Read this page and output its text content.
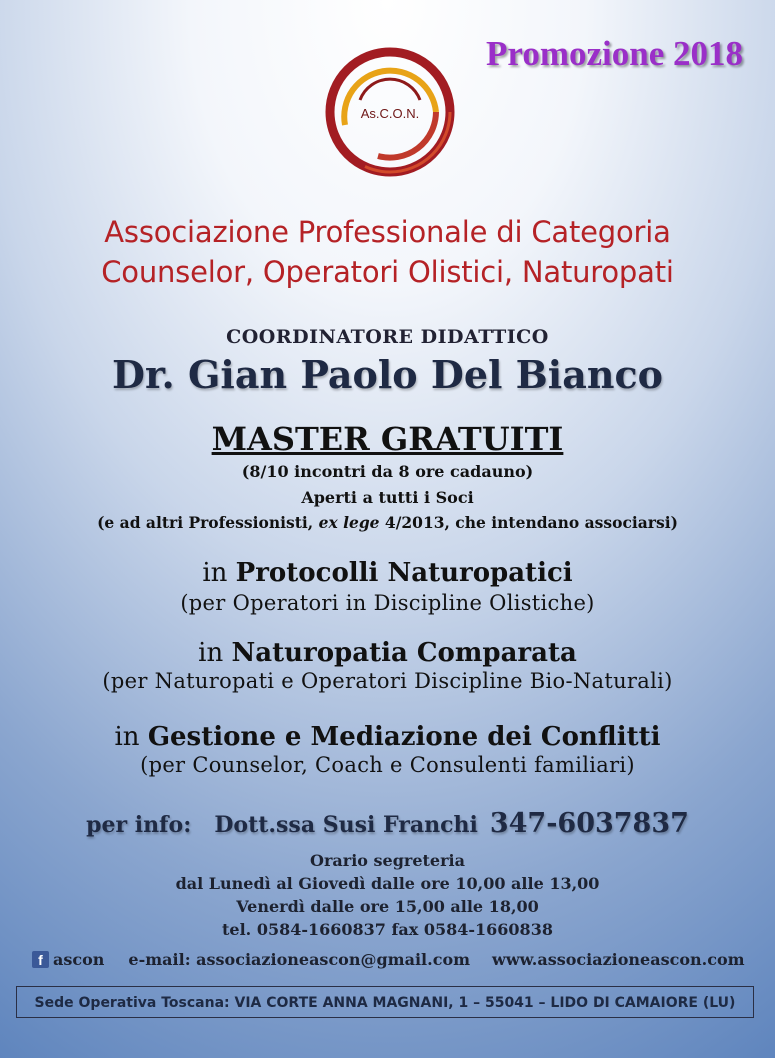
Promozione 2018
As.C.O.N.
Associazione Professionale di Categoria
Counselor, Operatori Olistici, Naturopati
COORDINATORE DIDATTICO
Dr. Gian Paolo Del Bianco
MASTER GRATUITI
(8/10 incontri da 8 ore cadauno)
Aperti a tutti i Soci
(e ad altri Professionisti, ex lege 4/2013, che intendano associarsi)
in Protocolli Naturopatici
(per Operatori in Discipline Olistiche)
in Naturopatia Comparata
(per Naturopati e Operatori Discipline Bio-Naturali)
in Gestione e Mediazione dei Conflitti
(per Counselor, Coach e Consulenti familiari)
per info: Dott.ssa Susi Franchi 347-6037837
Orario segreteria
dal Lunedì al Giovedì dalle ore 10,00 alle 13,00
Venerdì dalle ore 15,00 alle 18,00
tel. 0584-1660837 fax 0584-1660838
f ascon e-mail: associazioneascon@gmail.com www.associazioneascon.com
Sede Operativa Toscana: VIA CORTE ANNA MAGNANI, 1 – 55041 – LIDO DI CAMAIORE (LU)
